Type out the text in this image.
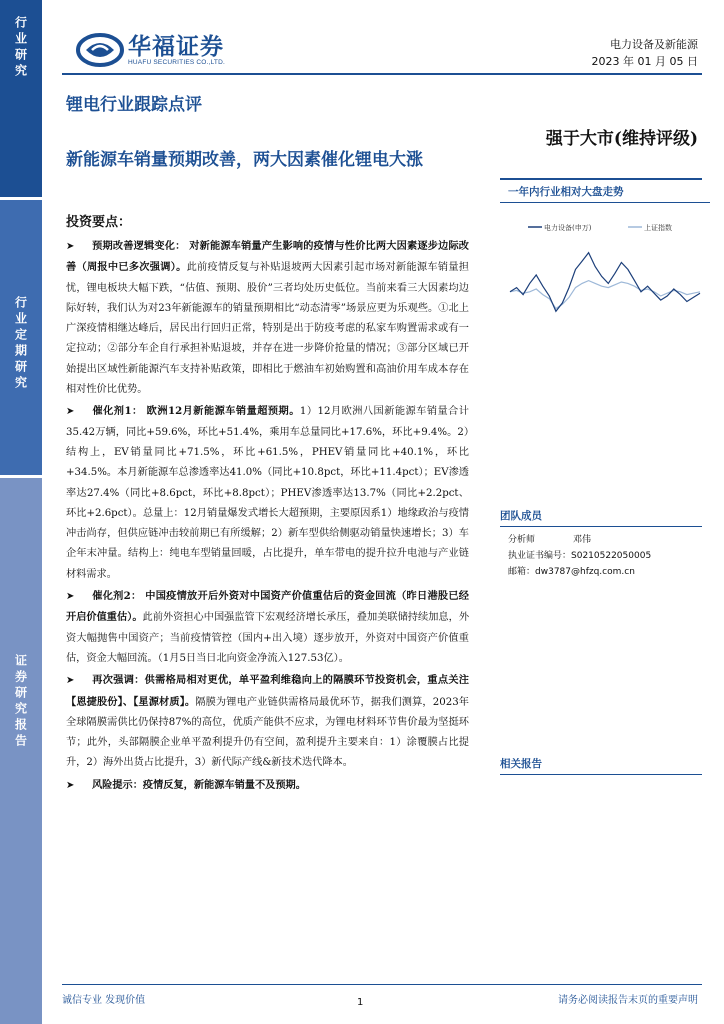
行业研究
行业定期研究
证券研究报告
华福证券
HUAFU SECURITIES CO.,LTD.
电力设备及新能源
2023 年 01 月 05 日
锂电行业跟踪点评
新能源车销量预期改善，两大因素催化锂电大涨
强于大市(维持评级)
一年内行业相对大盘走势
电力设备(申万)	上证指数
团队成员
分析师	邓伟
执业证书编号：S0210522050005
邮箱：dw3787@hfzq.com.cn
相关报告
投资要点：

➤ 预期改善逻辑变化： 对新能源车销量产生影响的疫情与性价比两大因素逐步边际改善（周报中已多次强调）。此前疫情反复与补贴退坡两大因素引起市场对新能源车销量担忧，锂电板块大幅下跌，“估值、预期、股价”三者均处历史低位。当前来看三大因素均边际好转，我们认为对23年新能源车的销量预期相比“动态清零”场景应更为乐观些。①北上广深疫情相继达峰后，居民出行回归正常，特别是出于防疫考虑的私家车购置需求或有一定拉动；②部分车企自行承担补贴退坡，并存在进一步降价抢量的情况；③部分区域已开始提出区域性新能源汽车支持补贴政策，即相比于燃油车初始购置和高油价用车成本存在相对性价比优势。

➤ 催化剂1： 欧洲12月新能源车销量超预期。1）12月欧洲八国新能源车销量合计35.42万辆，同比+59.6%，环比+51.4%，乘用车总量同比+17.6%，环比+9.4%。2）结构上，EV销量同比+71.5%，环比+61.5%，PHEV销量同比+40.1%，环比+34.5%。本月新能源车总渗透率达41.0%（同比+10.8pct，环比+11.4pct）；EV渗透率达27.4%（同比+8.6pct，环比+8.8pct）；PHEV渗透率达13.7%（同比+2.2pct、环比+2.6pct）。总量上：12月销量爆发式增长大超预期，主要原因系1）地缘政治与疫情冲击尚存，但供应链冲击较前期已有所缓解；2）新车型供给侧驱动销量快速增长；3）车企年末冲量。结构上：纯电车型销量回暖，占比提升，单车带电的提升拉升电池与产业链材料需求。

➤ 催化剂2： 中国疫情放开后外资对中国资产价值重估后的资金回流（昨日港股已经开启价值重估）。此前外资担心中国强监管下宏观经济增长承压，叠加美联储持续加息，外资大幅抛售中国资产；当前疫情管控（国内+出入境）逐步放开，外资对中国资产价值重估，资金大幅回流。（1月5日当日北向资金净流入127.53亿）。

➤ 再次强调：供需格局相对更优，单平盈利维稳向上的隔膜环节投资机会，重点关注【恩捷股份】、【星源材质】。隔膜为锂电产业链供需格局最优环节，据我们测算，2023年全球隔膜需供比仍保持87%的高位，优质产能供不应求，为锂电材料环节售价最为坚挺环节；此外，头部隔膜企业单平盈利提升仍有空间，盈利提升主要来自：1）涂覆膜占比提升，2）海外出货占比提升，3）新代际产线&新技术迭代降本。

➤ 风险提示：疫情反复，新能源车销量不及预期。

诚信专业 发现价值	1	请务必阅读报告末页的重要声明
